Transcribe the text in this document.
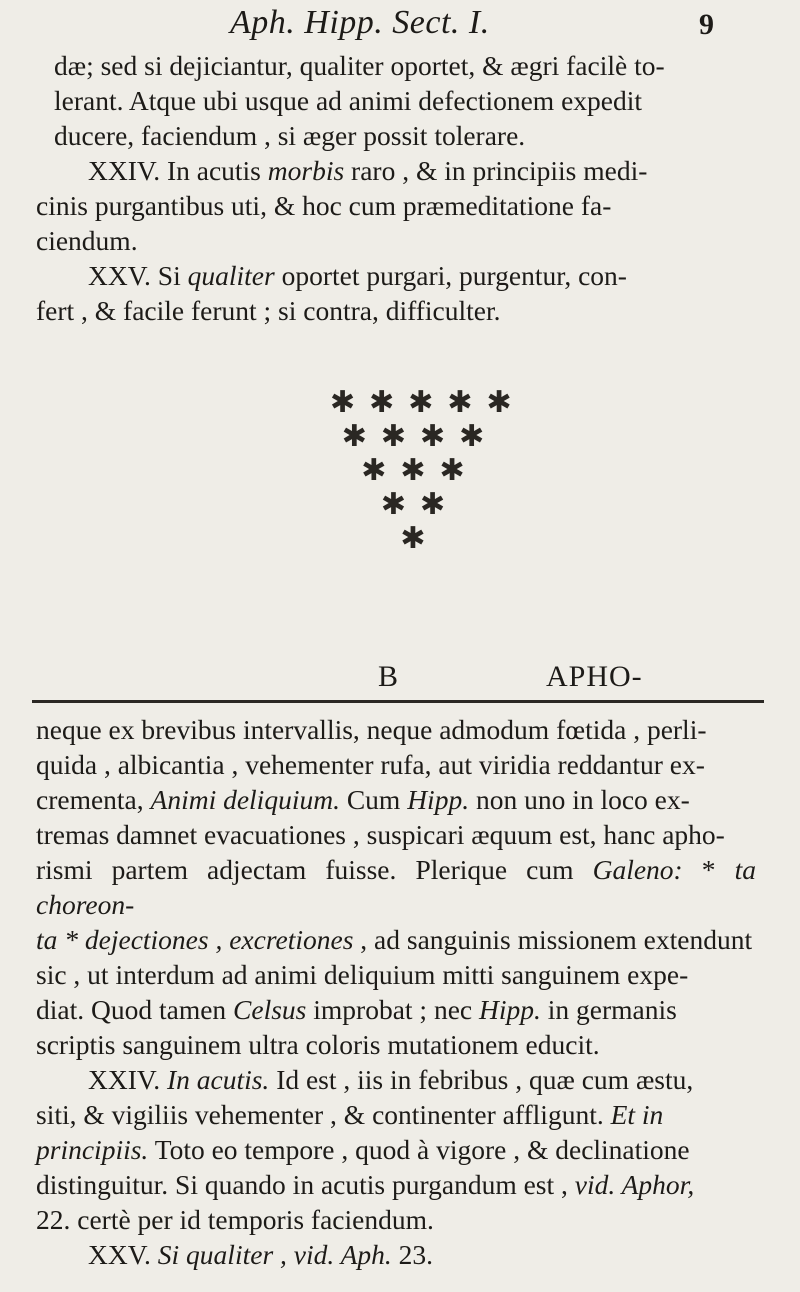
Aph. Hipp. Sect. I.	9

dæ; sed si dejiciantur, qualiter oportet, & ægri facilè to-

lerant. Atque ubi usque ad animi defectionem expedit

ducere, faciendum , si æger possit tolerare.

XXIV. In acutis morbis raro , & in principiis medi-

cinis purgantibus uti, & hoc cum præmeditatione fa-

ciendum.

XXV. Si qualiter oportet purgari, purgentur, con-

fert , & facile ferunt ; si contra, difficulter.

✱✱✱✱✱
✱✱✱✱
✱✱✱
✱✱
✱
B	APHO-

neque ex brevibus intervallis, neque admodum fœtida , perli-

quida , albicantia , vehementer rufa, aut viridia reddantur ex-

crementa, Animi deliquium. Cum Hipp. non uno in loco ex-

tremas damnet evacuationes , suspicari æquum est, hanc apho-

rismi partem adjectam fuisse. Plerique cum Galeno: * ta choreon-

ta * dejectiones , excretiones , ad sanguinis missionem extendunt

sic , ut interdum ad animi deliquium mitti sanguinem expe-

diat. Quod tamen Celsus improbat ; nec Hipp. in germanis

scriptis sanguinem ultra coloris mutationem educit.

XXIV. In acutis. Id est , iis in febribus , quæ cum æstu,

siti, & vigiliis vehementer , & continenter affligunt. Et in

principiis. Toto eo tempore , quod à vigore , & declinatione

distinguitur. Si quando in acutis purgandum est , vid. Aphor,

22. certè per id temporis faciendum.

XXV. Si qualiter , vid. Aph. 23.
